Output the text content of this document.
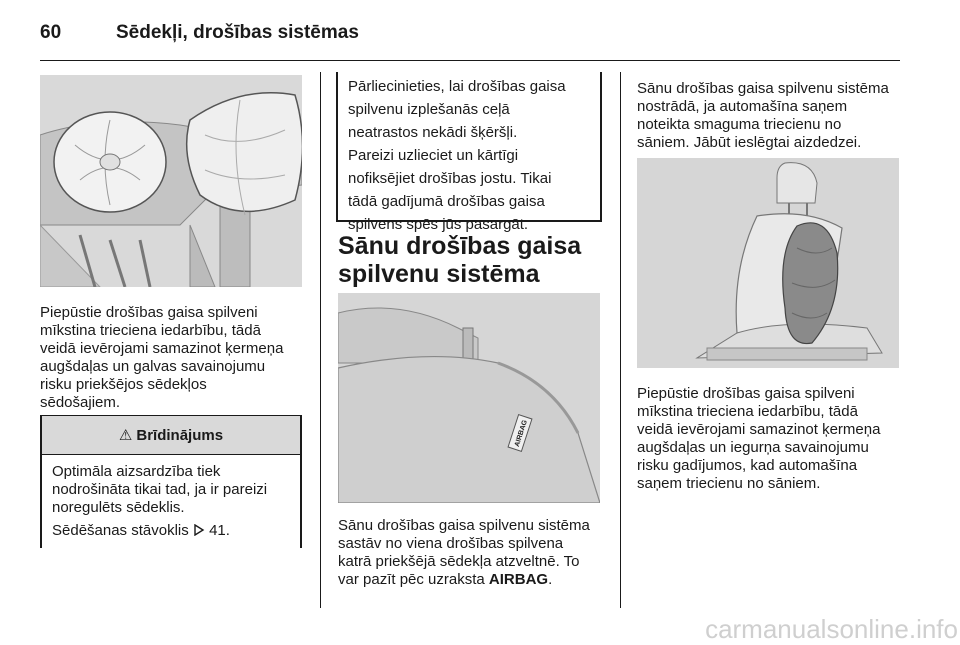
60	Sēdekļi, drošības sistēmas

Piepūstie drošības gaisa spilveni

mīkstina trieciena iedarbību, tādā

veidā ievērojami samazinot ķermeņa

augšdaļas un galvas savainojumu

risku priekšējos sēdekļos

sēdošajiem.

⚠ Brīdinājums

Optimāla aizsardzība tiek

nodrošināta tikai tad, ja ir pareizi

noregulēts sēdeklis.

Sēdēšanas stāvoklis 41.

Pārliecinieties, lai drošības gaisa

spilvenu izplešanās ceļā

neatrastos nekādi šķēršļi.

Pareizi uzlieciet un kārtīgi

nofiksējiet drošības jostu. Tikai

tādā gadījumā drošības gaisa

spilvens spēs jūs pasargāt.

Sānu drošības gaisa
spilvenu sistēma
AIRBAG

Sānu drošības gaisa spilvenu sistēma

sastāv no viena drošības spilvena

katrā priekšējā sēdekļa atzveltnē. To

var pazīt pēc uzraksta AIRBAG.

Sānu drošības gaisa spilvenu sistēma

nostrādā, ja automašīna saņem

noteikta smaguma triecienu no

sāniem. Jābūt ieslēgtai aizdedzei.

Piepūstie drošības gaisa spilveni

mīkstina trieciena iedarbību, tādā

veidā ievērojami samazinot ķermeņa

augšdaļas un iegurņa savainojumu

risku gadījumos, kad automašīna

saņem triecienu no sāniem.

carmanualsonline.info
